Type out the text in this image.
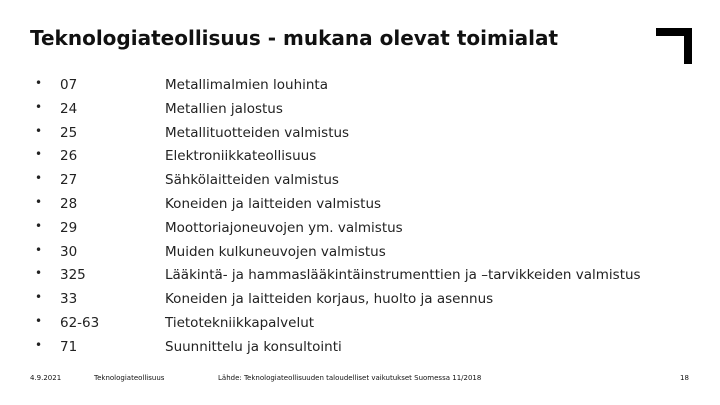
Teknologiateollisuus - mukana olevat toimialat
• 07	Metallimalmien louhinta
• 24	Metallien jalostus
• 25	Metallituotteiden valmistus
• 26	Elektroniikkateollisuus
• 27	Sähkölaitteiden valmistus
• 28	Koneiden ja laitteiden valmistus
• 29	Moottoriajoneuvojen ym. valmistus
• 30	Muiden kulkuneuvojen valmistus
• 325	Lääkintä- ja hammaslääkintäinstrumenttien ja –tarvikkeiden valmistus
• 33	Koneiden ja laitteiden korjaus, huolto ja asennus
• 62-63	Tietotekniikkapalvelut
• 71	Suunnittelu ja konsultointi
4.9.2021	Teknologiateollisuus	Lähde: Teknologiateollisuuden taloudelliset vaikutukset Suomessa 11/2018	18
